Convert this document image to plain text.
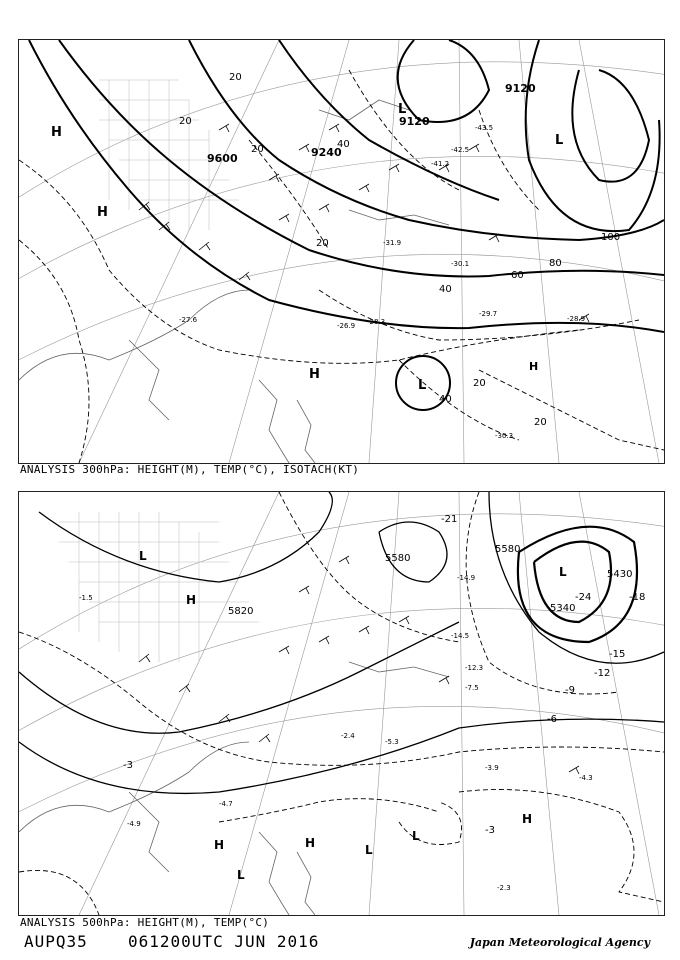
H
H
H
L
L
L
H
9600
9120
9120
9240
20
20
20
20
40
40
60
80
100
40
20
20
-29.7
-30.3
-28.9
-26.9
-27.6	-28.3
-41.2
-42.5
-43.5
-31.9
-30.1
ANALYSIS 300hPa: HEIGHT(M), TEMP(°C), ISOTACH(KT)
H
H	H
H
L
L
L
L
L
5580
5580
5820	5340
5430
-21
-24	-18
-15
-12
-9
-6
-3
-3
-14.9
-14.5
-12.3
-7.5
-5.3
-3.9
-4.3
-2.3
-2.4
-1.5
-4.7
-4.9
ANALYSIS 500hPa: HEIGHT(M), TEMP(°C)
AUPQ35	061200UTC JUN 2016	Japan Meteorological Agency
